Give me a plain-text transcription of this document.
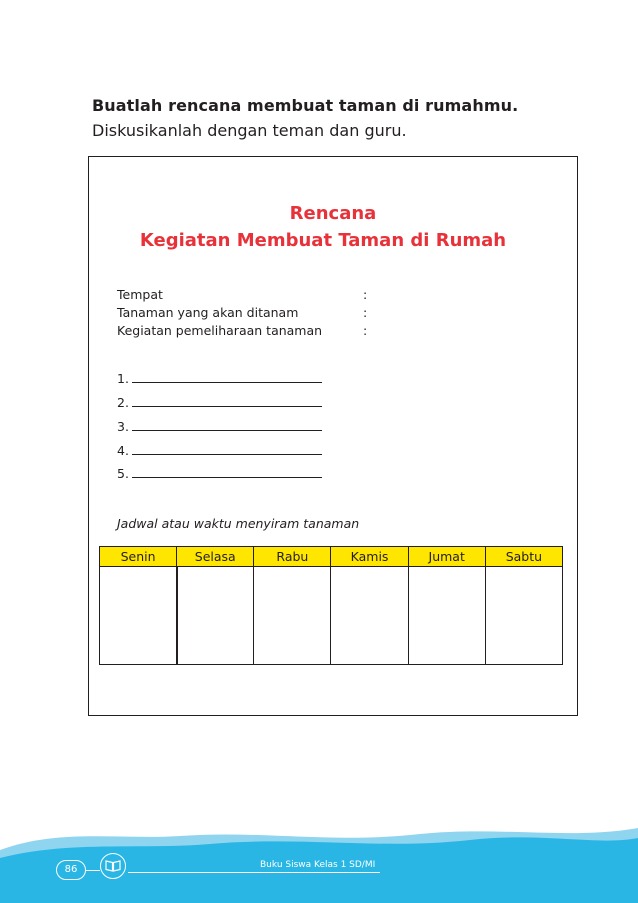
Buatlah rencana membuat taman di rumahmu.
Diskusikanlah dengan teman dan guru.
Rencana
Kegiatan Membuat Taman di Rumah
Tempat	:
Tanaman yang akan ditanam	:
Kegiatan pemeliharaan tanaman	:
1.
2.
3.
4.
5.
Jadwal atau waktu menyiram tanaman
Senin	Selasa	Rabu	Kamis	Jumat	Sabtu

86	Buku Siswa Kelas 1 SD/MI
